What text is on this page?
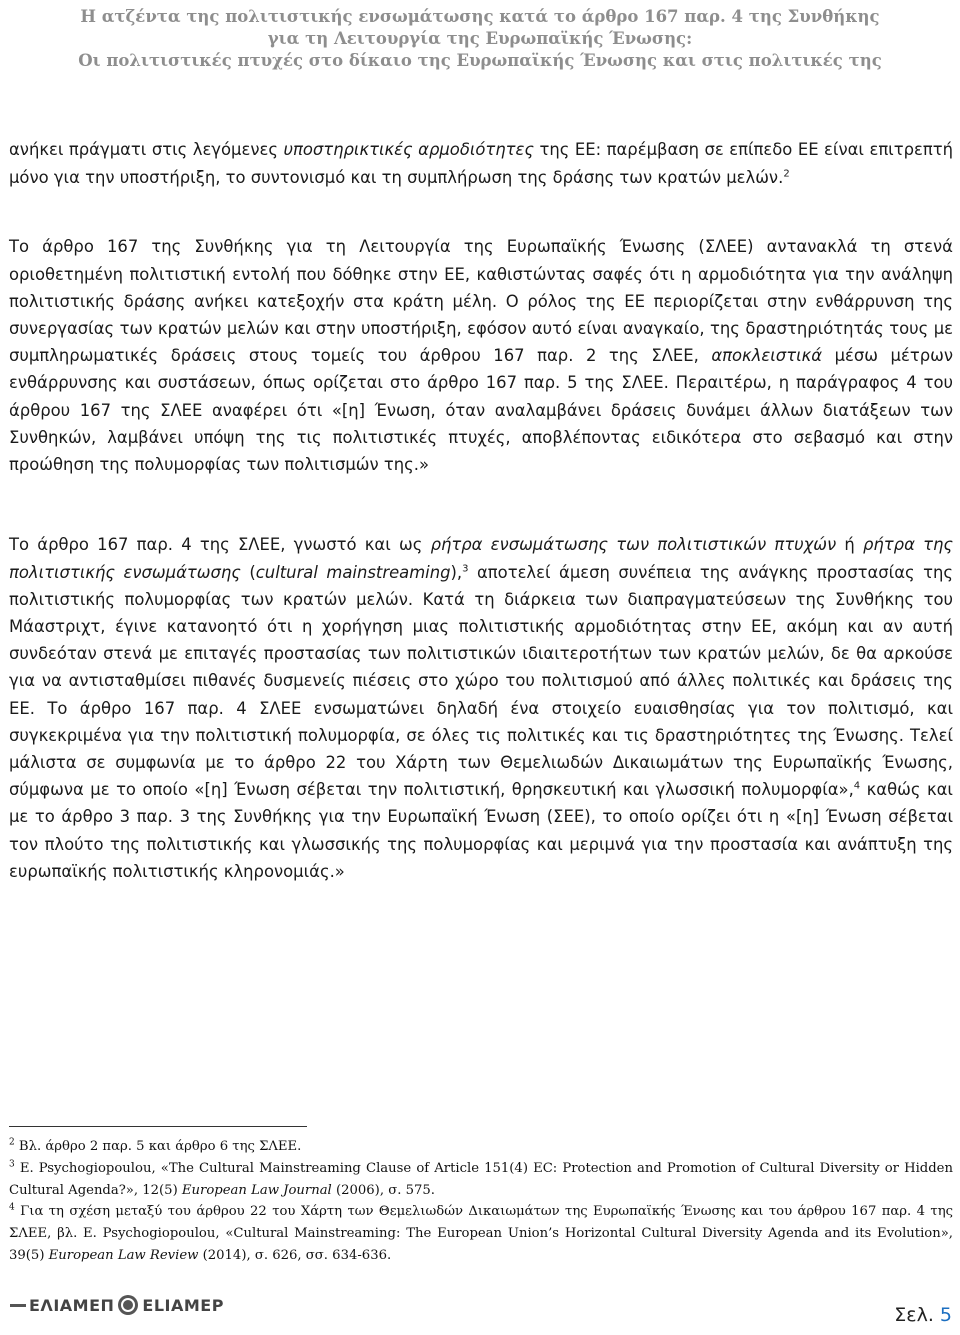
Η ατζέντα της πολιτιστικής ενσωμάτωσης κατά το άρθρο 167 παρ. 4 της Συνθήκης
για τη Λειτουργία της Ευρωπαϊκής Ένωσης:
Οι πολιτιστικές πτυχές στο δίκαιο της Ευρωπαϊκής Ένωσης και στις πολιτικές της

ανήκει πράγματι στις λεγόμενες υποστηρικτικές αρμοδιότητες της ΕΕ: παρέμβαση σε επίπεδο ΕΕ είναι επιτρεπτή μόνο για την υποστήριξη, το συντονισμό και τη συμπλήρωση της δράσης των κρατών μελών.$^2$

Το άρθρο 167 της Συνθήκης για τη Λειτουργία της Ευρωπαϊκής Ένωσης (ΣΛΕΕ) αντανακλά τη στενά οριοθετημένη πολιτιστική εντολή που δόθηκε στην ΕΕ, καθιστώντας σαφές ότι η αρμοδιότητα για την ανάληψη πολιτιστικής δράσης ανήκει κατεξοχήν στα κράτη μέλη. Ο ρόλος της ΕΕ περιορίζεται στην ενθάρρυνση της συνεργασίας των κρατών μελών και στην υποστήριξη, εφόσον αυτό είναι αναγκαίο, της δραστηριότητάς τους με συμπληρωματικές δράσεις στους τομείς του άρθρου 167 παρ. 2 της ΣΛΕΕ, αποκλειστικά μέσω μέτρων ενθάρρυνσης και συστάσεων, όπως ορίζεται στο άρθρο 167 παρ. 5 της ΣΛΕΕ. Περαιτέρω, η παράγραφος 4 του άρθρου 167 της ΣΛΕΕ αναφέρει ότι «[η] Ένωση, όταν αναλαμβάνει δράσεις δυνάμει άλλων διατάξεων των Συνθηκών, λαμβάνει υπόψη της τις πολιτιστικές πτυχές, αποβλέποντας ειδικότερα στο σεβασμό και στην προώθηση της πολυμορφίας των πολιτισμών της.»

Το άρθρο 167 παρ. 4 της ΣΛΕΕ, γνωστό και ως ρήτρα ενσωμάτωσης των πολιτιστικών πτυχών ή ρήτρα της πολιτιστικής ενσωμάτωσης (cultural mainstreaming),$^3$ αποτελεί άμεση συνέπεια της ανάγκης προστασίας της πολιτιστικής πολυμορφίας των κρατών μελών. Κατά τη διάρκεια των διαπραγματεύσεων της Συνθήκης του Μάαστριχτ, έγινε κατανοητό ότι η χορήγηση μιας πολιτιστικής αρμοδιότητας στην ΕΕ, ακόμη και αν αυτή συνδεόταν στενά με επιταγές προστασίας των πολιτιστικών ιδιαιτεροτήτων των κρατών μελών, δε θα αρκούσε για να αντισταθμίσει πιθανές δυσμενείς πιέσεις στο χώρο του πολιτισμού από άλλες πολιτικές και δράσεις της ΕΕ. Το άρθρο 167 παρ. 4 ΣΛΕΕ ενσωματώνει δηλαδή ένα στοιχείο ευαισθησίας για τον πολιτισμό, και συγκεκριμένα για την πολιτιστική πολυμορφία, σε όλες τις πολιτικές και τις δραστηριότητες της Ένωσης. Τελεί μάλιστα σε συμφωνία με το άρθρο 22 του Χάρτη των Θεμελιωδών Δικαιωμάτων της Ευρωπαϊκής Ένωσης, σύμφωνα με το οποίο «[η] Ένωση σέβεται την πολιτιστική, θρησκευτική και γλωσσική πολυμορφία»,$^4$ καθώς και με το άρθρο 3 παρ. 3 της Συνθήκης για την Ευρωπαϊκή Ένωση (ΣΕΕ), το οποίο ορίζει ότι η «[η] Ένωση σέβεται τον πλούτο της πολιτιστικής και γλωσσικής της πολυμορφίας και μεριμνά για την προστασία και ανάπτυξη της ευρωπαϊκής πολιτιστικής κληρονομιάς.»

$^2$ Βλ. άρθρο 2 παρ. 5 και άρθρο 6 της ΣΛΕΕ.

$^3$ E. Psychogiopoulou, «The Cultural Mainstreaming Clause of Article 151(4) EC: Protection and Promotion of Cultural Diversity or Hidden Cultural Agenda?», 12(5) European Law Journal (2006), σ. 575.

$^4$ Για τη σχέση μεταξύ του άρθρου 22 του Χάρτη των Θεμελιωδών Δικαιωμάτων της Ευρωπαϊκής Ένωσης και του άρθρου 167 παρ. 4 της ΣΛΕΕ, βλ. E. Psychogiopoulou, «Cultural Mainstreaming: The European Union’s Horizontal Cultural Diversity Agenda and its Evolution», 39(5) European Law Review (2014), σ. 626, σσ. 634-636.

ΕΛΙΑΜΕΠ ELIAMEP	Σελ. 5
